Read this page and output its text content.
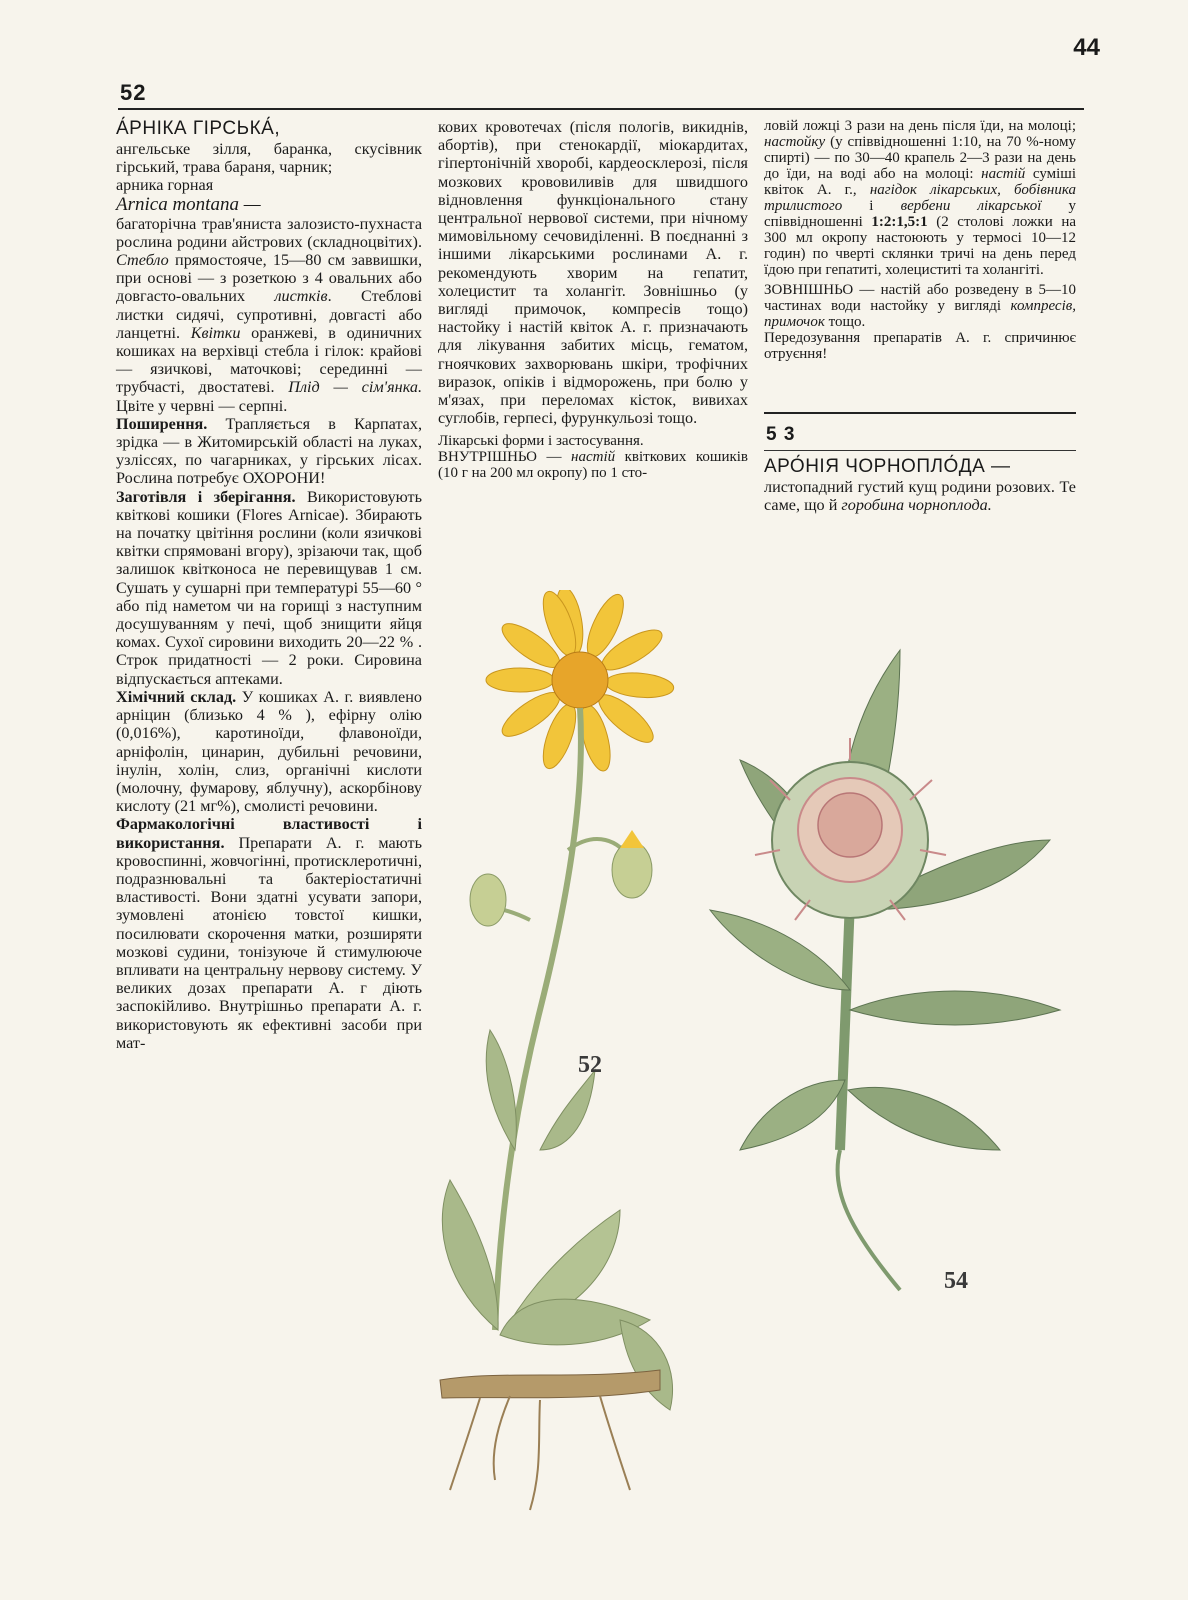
44
52

А́РНІКА ГІРСЬКА́,

ангельське зілля, баранка, скусівник гірський, трава бараня, чарник;

арника горная

Arnica montana —

багаторічна трав'яниста залозисто-пухнаста рослина родини айстрових (складноцвітих). Стебло прямостояче, 15—80 см заввишки, при основі — з розеткою з 4 овальних або довгасто-овальних листків. Стеблові листки сидячі, супротивні, довгасті або ланцетні. Квітки оранжеві, в одиничних кошиках на верхівці стебла і гілок: крайові — язичкові, маточкові; серединні — трубчасті, двостатеві. Плід — сім'янка. Цвіте у червні — серпні.

Поширення. Трапляється в Карпатах, зрідка — в Житомирській області на луках, узліссях, по чагарниках, у гірських лісах. Рослина потребує ОХОРОНИ!

Заготівля і зберігання. Використовують квіткові кошики (Flores Arnicae). Збирають на початку цвітіння рослини (коли язичкові квітки спрямовані вгору), зрізаючи так, щоб залишок квітконоса не перевищував 1 см. Сушать у сушарні при температурі 55—60 ° або під наметом чи на горищі з наступним досушуванням у печі, щоб знищити яйця комах. Сухої сировини виходить 20—22 % . Строк придатності — 2 роки. Сировина відпускається аптеками.

Хімічний склад. У кошиках А. г. виявлено арніцин (близько 4 % ), ефірну олію (0,016%), каротиноїди, флавоноїди, арніфолін, цинарин, дубильні речовини, інулін, холін, слиз, органічні кислоти (молочну, фумарову, яблучну), аскорбінову кислоту (21 мг%), смолисті речовини.

Фармакологічні властивості і використання. Препарати А. г. мають кровоспинні, жовчогінні, протисклеротичні, подразнювальні та бактеріостатичні властивості. Вони здатні усувати запори, зумовлені атонією товстої кишки, посилювати скорочення матки, розширяти мозкові судини, тонізуюче й стимулююче впливати на центральну нервову систему. У великих дозах препарати А. г діють заспокійливо. Внутрішньо препарати А. г. використовують як ефективні засоби при мат-

кових кровотечах (після пологів, викиднів, абортів), при стенокардії, міокардитах, гіпертонічній хворобі, кардеосклерозі, після мозкових крововиливів для швидшого відновлення функціонального стану центральної нервової системи, при нічному мимовільному сечовиділенні. В поєднанні з іншими лікарськими рослинами А. г. рекомендують хворим на гепатит, холецистит та холангіт. Зовнішньо (у вигляді примочок, компресів тощо) настойку і настій квіток А. г. призначають для лікування забитих місць, гематом, гноячкових захворювань шкіри, трофічних виразок, опіків і відморожень, при болю у м'язах, при переломах кісток, вивихах суглобів, герпесі, фурункульозі тощо.

Лікарські форми і застосування.

ВНУТРІШНЬО — настій квіткових кошиків (10 г на 200 мл окропу) по 1 сто-

ловій ложці 3 рази на день після їди, на молоці; настойку (у співвідношенні 1:10, на 70 %-ному спирті) — по 30—40 крапель 2—3 рази на день до їди, на воді або на молоці: настій суміші квіток А. г., нагідок лікарських, бобівника трилистого і вербени лікарської у співвідношенні 1:2:1,5:1 (2 столові ложки на 300 мл окропу настоюють у термосі 10—12 годин) по чверті склянки тричі на день перед їдою при гепатиті, холециститі та холангіті.

ЗОВНІШНЬО — настій або розведену в 5—10 частинах води настойку у вигляді компресів, примочок тощо.

Передозування препаратів А. г. спричинює отруєння!

5 3

АРО́НІЯ ЧОРНОПЛО́ДА —

листопадний густий кущ родини розових. Те саме, що й горобина чорноплода.

52
54
